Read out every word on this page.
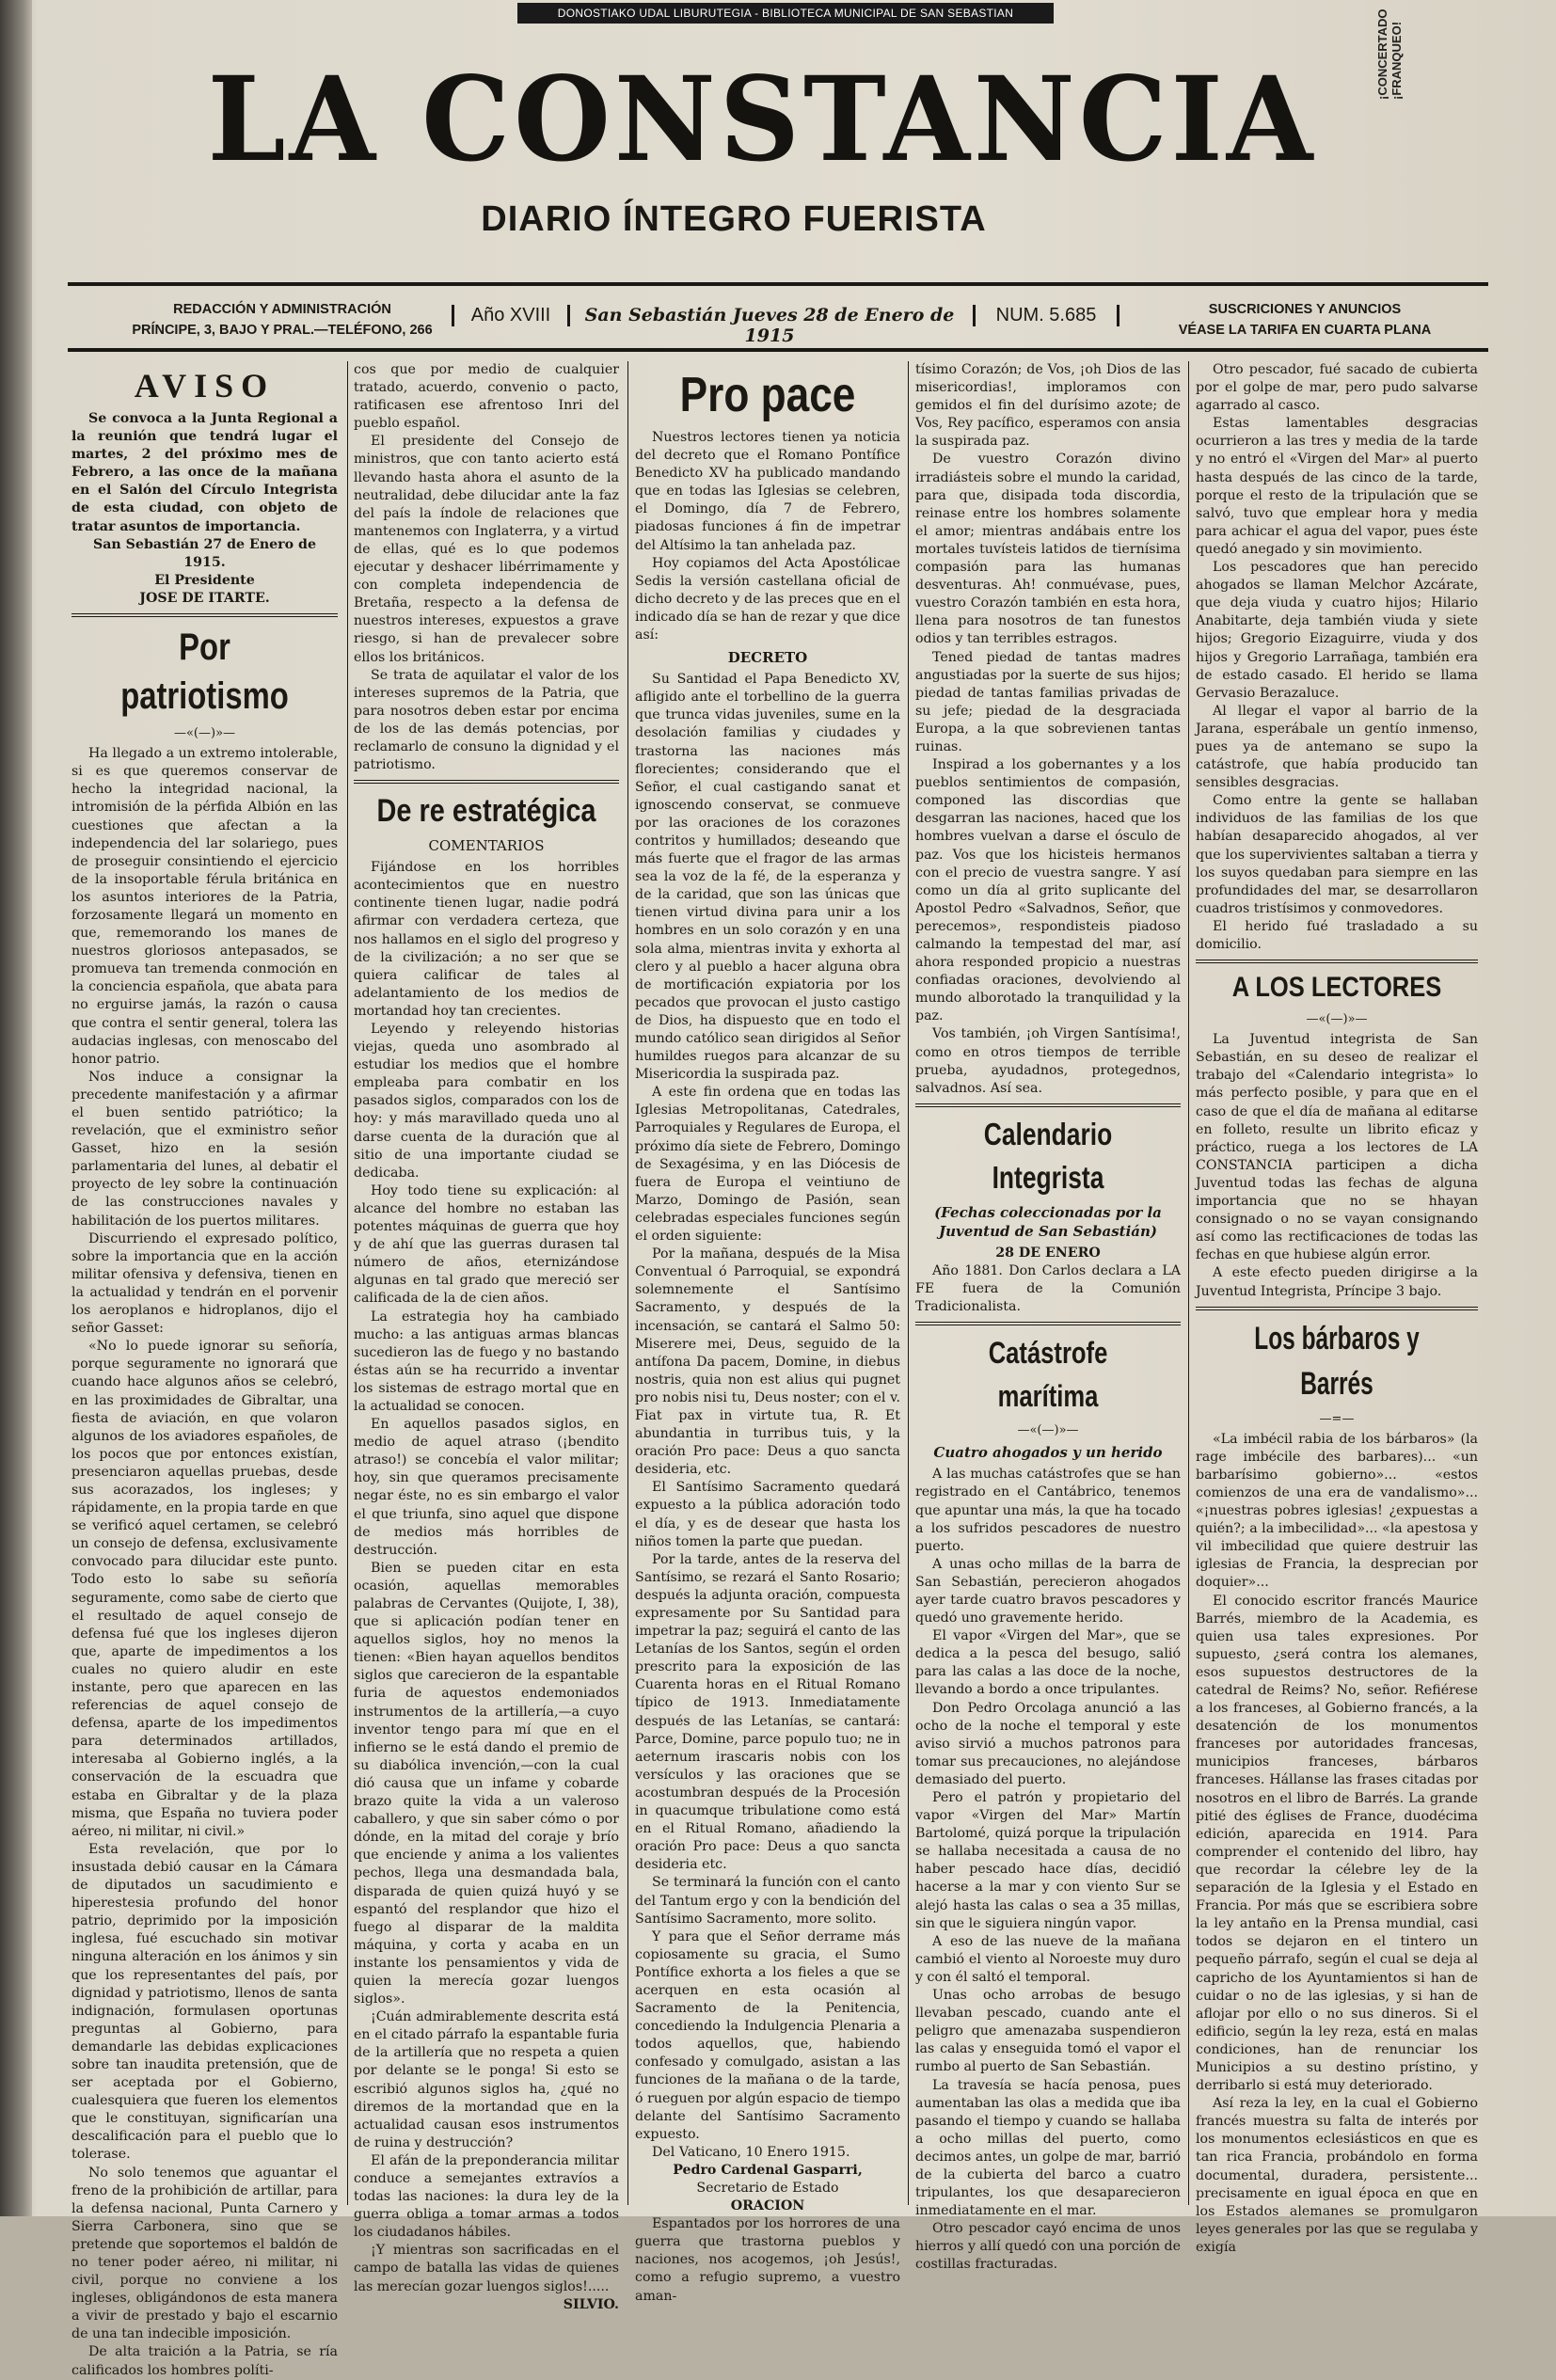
DONOSTIAKO UDAL LIBURUTEGIA - BIBLIOTECA MUNICIPAL DE SAN SEBASTIAN
LA CONSTANCIA
DIARIO ÍNTEGRO FUERISTA
¡CONCERTADO ¡FRANQUEO!
REDACCIÓN Y ADMINISTRACIÓN
PRÍNCIPE, 3, BAJO Y PRAL.—TELÉFONO, 266
Año XVIII	San Sebastián Jueves 28 de Enero de 1915
NUM. 5.685	SUSCRICIONES Y ANUNCIOS
VÉASE LA TARIFA EN CUARTA PLANA
AVISO

Se convoca a la Junta Regional a la reunión que tendrá lugar el martes, 2 del próximo mes de Febrero, a las once de la mañana en el Salón del Círculo Integrista de esta ciudad, con objeto de tratar asuntos de importancia.

San Sebastián 27 de Enero de 1915.

El Presidente

JOSE DE ITARTE.

Por patriotismo
—«(—)»—

Ha llegado a un extremo intolerable, si es que queremos conservar de hecho la integridad nacional, la intromisión de la pérfida Albión en las cuestiones que afectan a la independencia del lar solariego, pues de proseguir consintiendo el ejercicio de la insoportable férula británica en los asuntos interiores de la Patria, forzosamente llegará un momento en que, rememorando los manes de nuestros gloriosos antepasados, se promueva tan tremenda conmoción en la conciencia española, que abata para no erguirse jamás, la razón o causa que contra el sentir general, tolera las audacias inglesas, con menoscabo del honor patrio.

Nos induce a consignar la precedente manifestación y a afirmar el buen sentido patriótico; la revelación, que el exministro señor Gasset, hizo en la sesión parlamentaria del lunes, al debatir el proyecto de ley sobre la continuación de las construcciones navales y habilitación de los puertos militares.

Discurriendo el expresado político, sobre la importancia que en la acción militar ofensiva y defensiva, tienen en la actualidad y tendrán en el porvenir los aeroplanos e hidroplanos, dijo el señor Gasset:

«No lo puede ignorar su señoría, porque seguramente no ignorará que cuando hace algunos años se celebró, en las proximidades de Gibraltar, una fiesta de aviación, en que volaron algunos de los aviadores españoles, de los pocos que por entonces existían, presenciaron aquellas pruebas, desde sus acorazados, los ingleses; y rápidamente, en la propia tarde en que se verificó aquel certamen, se celebró un consejo de defensa, exclusivamente convocado para dilucidar este punto. Todo esto lo sabe su señoría seguramente, como sabe de cierto que el resultado de aquel consejo de defensa fué que los ingleses dijeron que, aparte de impedimentos a los cuales no quiero aludir en este instante, pero que aparecen en las referencias de aquel consejo de defensa, aparte de los impedimentos para determinados artillados, interesaba al Gobierno inglés, a la conservación de la escuadra que estaba en Gibraltar y de la plaza misma, que España no tuviera poder aéreo, ni militar, ni civil.»

Esta revelación, que por lo insustada debió causar en la Cámara de diputados un sacudimiento e hiperestesia profundo del honor patrio, deprimido por la imposición inglesa, fué escuchado sin motivar ninguna alteración en los ánimos y sin que los representantes del país, por dignidad y patriotismo, llenos de santa indignación, formulasen oportunas preguntas al Gobierno, para demandarle las debidas explicaciones sobre tan inaudita pretensión, que de ser aceptada por el Gobierno, cualesquiera que fueren los elementos que le constituyan, significarían una descalificación para el pueblo que lo tolerase.

No solo tenemos que aguantar el freno de la prohibición de artillar, para la defensa nacional, Punta Carnero y Sierra Carbonera, sino que se pretende que soportemos el baldón de no tener poder aéreo, ni militar, ni civil, porque no conviene a los ingleses, obligándonos de esta manera a vivir de prestado y bajo el escarnio de una tan indecible imposición.

De alta traición a la Patria, se ría calificados los hombres políti-

cos que por medio de cualquier tratado, acuerdo, convenio o pacto, ratificasen ese afrentoso Inri del pueblo español.

El presidente del Consejo de ministros, que con tanto acierto está llevando hasta ahora el asunto de la neutralidad, debe dilucidar ante la faz del país la índole de relaciones que mantenemos con Inglaterra, y a virtud de ellas, qué es lo que podemos ejecutar y deshacer libérrimamente y con completa independencia de Bretaña, respecto a la defensa de nuestros intereses, expuestos a grave riesgo, si han de prevalecer sobre ellos los británicos.

Se trata de aquilatar el valor de los intereses supremos de la Patria, que para nosotros deben estar por encima de los de las demás potencias, por reclamarlo de consuno la dignidad y el patriotismo.

De re estratégica
COMENTARIOS

Fijándose en los horribles acontecimientos que en nuestro continente tienen lugar, nadie podrá afirmar con verdadera certeza, que nos hallamos en el siglo del progreso y de la civilización; a no ser que se quiera calificar de tales al adelantamiento de los medios de mortandad hoy tan crecientes.

Leyendo y releyendo historias viejas, queda uno asombrado al estudiar los medios que el hombre empleaba para combatir en los pasados siglos, comparados con los de hoy: y más maravillado queda uno al darse cuenta de la duración que al sitio de una importante ciudad se dedicaba.

Hoy todo tiene su explicación: al alcance del hombre no estaban las potentes máquinas de guerra que hoy y de ahí que las guerras durasen tal número de años, eternizándose algunas en tal grado que mereció ser calificada de la de cien años.

La estrategia hoy ha cambiado mucho: a las antiguas armas blancas sucedieron las de fuego y no bastando éstas aún se ha recurrido a inventar los sistemas de estrago mortal que en la actualidad se conocen.

En aquellos pasados siglos, en medio de aquel atraso (¡bendito atraso!) se concebía el valor militar; hoy, sin que queramos precisamente negar éste, no es sin embargo el valor el que triunfa, sino aquel que dispone de medios más horribles de destrucción.

Bien se pueden citar en esta ocasión, aquellas memorables palabras de Cervantes (Quijote, I, 38), que si aplicación podían tener en aquellos siglos, hoy no menos la tienen: «Bien hayan aquellos benditos siglos que carecieron de la espantable furia de aquestos endemoniados instrumentos de la artillería,—a cuyo inventor tengo para mí que en el infierno se le está dando el premio de su diabólica invención,—con la cual dió causa que un infame y cobarde brazo quite la vida a un valeroso caballero, y que sin saber cómo o por dónde, en la mitad del coraje y brío que enciende y anima a los valientes pechos, llega una desmandada bala, disparada de quien quizá huyó y se espantó del resplandor que hizo el fuego al disparar de la maldita máquina, y corta y acaba en un instante los pensamientos y vida de quien la merecía gozar luengos siglos».

¡Cuán admirablemente descrita está en el citado párrafo la espantable furia de la artillería que no respeta a quien por delante se le ponga! Si esto se escribió algunos siglos ha, ¿qué no diremos de la mortandad que en la actualidad causan esos instrumentos de ruina y destrucción?

El afán de la preponderancia militar conduce a semejantes extravíos a todas las naciones: la dura ley de la guerra obliga a tomar armas a todos los ciudadanos hábiles.

¡Y mientras son sacrificadas en el campo de batalla las vidas de quienes las merecían gozar luengos siglos!.....

SILVIO.

Pro pace

Nuestros lectores tienen ya noticia del decreto que el Romano Pontífice Benedicto XV ha publicado mandando que en todas las Iglesias se celebren, el Domingo, día 7 de Febrero, piadosas funciones á fin de impetrar del Altísimo la tan anhelada paz.

Hoy copiamos del Acta Apostólicae Sedis la versión castellana oficial de dicho decreto y de las preces que en el indicado día se han de rezar y que dice así:

DECRETO

Su Santidad el Papa Benedicto XV, afligido ante el torbellino de la guerra que trunca vidas juveniles, sume en la desolación familias y ciudades y trastorna las naciones más florecientes; considerando que el Señor, el cual castigando sanat et ignoscendo conservat, se conmueve por las oraciones de los corazones contritos y humillados; deseando que más fuerte que el fragor de las armas sea la voz de la fé, de la esperanza y de la caridad, que son las únicas que tienen virtud divina para unir a los hombres en un solo corazón y en una sola alma, mientras invita y exhorta al clero y al pueblo a hacer alguna obra de mortificación expiatoria por los pecados que provocan el justo castigo de Dios, ha dispuesto que en todo el mundo católico sean dirigidos al Señor humildes ruegos para alcanzar de su Misericordia la suspirada paz.

A este fin ordena que en todas las Iglesias Metropolitanas, Catedrales, Parroquiales y Regulares de Europa, el próximo día siete de Febrero, Domingo de Sexagésima, y en las Diócesis de fuera de Europa el veintiuno de Marzo, Domingo de Pasión, sean celebradas especiales funciones según el orden siguiente:

Por la mañana, después de la Misa Conventual ó Parroquial, se expondrá solemnemente el Santísimo Sacramento, y después de la incensación, se cantará el Salmo 50: Miserere mei, Deus, seguido de la antífona Da pacem, Domine, in diebus nostris, quia non est alius qui pugnet pro nobis nisi tu, Deus noster; con el v. Fiat pax in virtute tua, R. Et abundantia in turribus tuis, y la oración Pro pace: Deus a quo sancta desideria, etc.

El Santísimo Sacramento quedará expuesto a la pública adoración todo el día, y es de desear que hasta los niños tomen la parte que puedan.

Por la tarde, antes de la reserva del Santísimo, se rezará el Santo Rosario; después la adjunta oración, compuesta expresamente por Su Santidad para impetrar la paz; seguirá el canto de las Letanías de los Santos, según el orden prescrito para la exposición de las Cuarenta horas en el Ritual Romano típico de 1913. Inmediatamente después de las Letanías, se cantará: Parce, Domine, parce populo tuo; ne in aeternum irascaris nobis con los versículos y las oraciones que se acostumbran después de la Procesión in quacumque tribulatione como está en el Ritual Romano, añadiendo la oración Pro pace: Deus a quo sancta desideria etc.

Se terminará la función con el canto del Tantum ergo y con la bendición del Santísimo Sacramento, more solito.

Y para que el Señor derrame más copiosamente su gracia, el Sumo Pontífice exhorta a los fieles a que se acerquen en esta ocasión al Sacramento de la Penitencia, concediendo la Indulgencia Plenaria a todos aquellos, que, habiendo confesado y comulgado, asistan a las funciones de la mañana o de la tarde, ó rueguen por algún espacio de tiempo delante del Santísimo Sacramento expuesto.

Del Vaticano, 10 Enero 1915.

Pedro Cardenal Gasparri,

Secretario de Estado

ORACION

Espantados por los horrores de una guerra que trastorna pueblos y naciones, nos acogemos, ¡oh Jesús!, como a refugio supremo, a vuestro aman-

tísimo Corazón; de Vos, ¡oh Dios de las misericordias!, imploramos con gemidos el fin del durísimo azote; de Vos, Rey pacífico, esperamos con ansia la suspirada paz.

De vuestro Corazón divino irradiásteis sobre el mundo la caridad, para que, disipada toda discordia, reinase entre los hombres solamente el amor; mientras andábais entre los mortales tuvísteis latidos de tiernísima compasión para las humanas desventuras. Ah! conmuévase, pues, vuestro Corazón también en esta hora, llena para nosotros de tan funestos odios y tan terribles estragos.

Tened piedad de tantas madres angustiadas por la suerte de sus hijos; piedad de tantas familias privadas de su jefe; piedad de la desgraciada Europa, a la que sobrevienen tantas ruinas.

Inspirad a los gobernantes y a los pueblos sentimientos de compasión, componed las discordias que desgarran las naciones, haced que los hombres vuelvan a darse el ósculo de paz. Vos que los hicisteis hermanos con el precio de vuestra sangre. Y así como un día al grito suplicante del Apostol Pedro «Salvadnos, Señor, que perecemos», respondisteis piadoso calmando la tempestad del mar, así ahora responded propicio a nuestras confiadas oraciones, devolviendo al mundo alborotado la tranquilidad y la paz.

Vos también, ¡oh Virgen Santísima!, como en otros tiempos de terrible prueba, ayudadnos, protegednos, salvadnos. Así sea.

Calendario Integrista
(Fechas coleccionadas por la Juventud de San Sebastián)

28 DE ENERO

Año 1881. Don Carlos declara a LA FE fuera de la Comunión Tradicionalista.

Catástrofe marítima
—«(—)»—
Cuatro ahogados y un herido

A las muchas catástrofes que se han registrado en el Cantábrico, tenemos que apuntar una más, la que ha tocado a los sufridos pescadores de nuestro puerto.

A unas ocho millas de la barra de San Sebastián, perecieron ahogados ayer tarde cuatro bravos pescadores y quedó uno gravemente herido.

El vapor «Virgen del Mar», que se dedica a la pesca del besugo, salió para las calas a las doce de la noche, llevando a bordo a once tripulantes.

Don Pedro Orcolaga anunció a las ocho de la noche el temporal y este aviso sirvió a muchos patronos para tomar sus precauciones, no alejándose demasiado del puerto.

Pero el patrón y propietario del vapor «Virgen del Mar» Martín Bartolomé, quizá porque la tripulación se hallaba necesitada a causa de no haber pescado hace días, decidió hacerse a la mar y con viento Sur se alejó hasta las calas o sea a 35 millas, sin que le siguiera ningún vapor.

A eso de las nueve de la mañana cambió el viento al Noroeste muy duro y con él saltó el temporal.

Unas ocho arrobas de besugo llevaban pescado, cuando ante el peligro que amenazaba suspendieron las calas y enseguida tomó el vapor el rumbo al puerto de San Sebastián.

La travesía se hacía penosa, pues aumentaban las olas a medida que iba pasando el tiempo y cuando se hallaba a ocho millas del puerto, como decimos antes, un golpe de mar, barrió de la cubierta del barco a cuatro tripulantes, los que desaparecieron inmediatamente en el mar.

Otro pescador cayó encima de unos hierros y allí quedó con una porción de costillas fracturadas.

Otro pescador, fué sacado de cubierta por el golpe de mar, pero pudo salvarse agarrado al casco.

Estas lamentables desgracias ocurrieron a las tres y media de la tarde y no entró el «Virgen del Mar» al puerto hasta después de las cinco de la tarde, porque el resto de la tripulación que se salvó, tuvo que emplear hora y media para achicar el agua del vapor, pues éste quedó anegado y sin movimiento.

Los pescadores que han perecido ahogados se llaman Melchor Azcárate, que deja viuda y cuatro hijos; Hilario Anabitarte, deja también viuda y siete hijos; Gregorio Eizaguirre, viuda y dos hijos y Gregorio Larrañaga, también era de estado casado. El herido se llama Gervasio Berazaluce.

Al llegar el vapor al barrio de la Jarana, esperábale un gentío inmenso, pues ya de antemano se supo la catástrofe, que había producido tan sensibles desgracias.

Como entre la gente se hallaban individuos de las familias de los que habían desaparecido ahogados, al ver que los supervivientes saltaban a tierra y los suyos quedaban para siempre en las profundidades del mar, se desarrollaron cuadros tristísimos y conmovedores.

El herido fué trasladado a su domicilio.

A LOS LECTORES
—«(—)»—

La Juventud integrista de San Sebastián, en su deseo de realizar el trabajo del «Calendario integrista» lo más perfecto posible, y para que en el caso de que el día de mañana al editarse en folleto, resulte un librito eficaz y práctico, ruega a los lectores de LA CONSTANCIA participen a dicha Juventud todas las fechas de alguna importancia que no se hhayan consignado o no se vayan consignando así como las rectificaciones de todas las fechas en que hubiese algún error.

A este efecto pueden dirigirse a la Juventud Integrista, Príncipe 3 bajo.

Los bárbaros y Barrés
—=—

«La imbécil rabia de los bárbaros» (la rage imbécile des barbares)... «un barbarísimo gobierno»... «estos comienzos de una era de vandalismo»... «¡nuestras pobres iglesias! ¿expuestas a quién?; a la imbecilidad»... «la apestosa y vil imbecilidad que quiere destruir las iglesias de Francia, la desprecian por doquier»...

El conocido escritor francés Maurice Barrés, miembro de la Academia, es quien usa tales expresiones. Por supuesto, ¿será contra los alemanes, esos supuestos destructores de la catedral de Reims? No, señor. Refiérese a los franceses, al Gobierno francés, a la desatención de los monumentos franceses por autoridades francesas, municipios franceses, bárbaros franceses. Hállanse las frases citadas por nosotros en el libro de Barrés. La grande pitié des églises de France, duodécima edición, aparecida en 1914. Para comprender el contenido del libro, hay que recordar la célebre ley de la separación de la Iglesia y el Estado en Francia. Por más que se escribiera sobre la ley antaño en la Prensa mundial, casi todos se dejaron en el tintero un pequeño párrafo, según el cual se deja al capricho de los Ayuntamientos si han de cuidar o no de las iglesias, y si han de aflojar por ello o no sus dineros. Si el edificio, según la ley reza, está en malas condiciones, han de renunciar los Municipios a su destino prístino, y derribarlo si está muy deteriorado.

Así reza la ley, en la cual el Gobierno francés muestra su falta de interés por los monumentos eclesiásticos en que es tan rica Francia, probándolo en forma documental, duradera, persistente... precisamente en igual época en que en los Estados alemanes se promulgaron leyes generales por las que se regulaba y exigía
